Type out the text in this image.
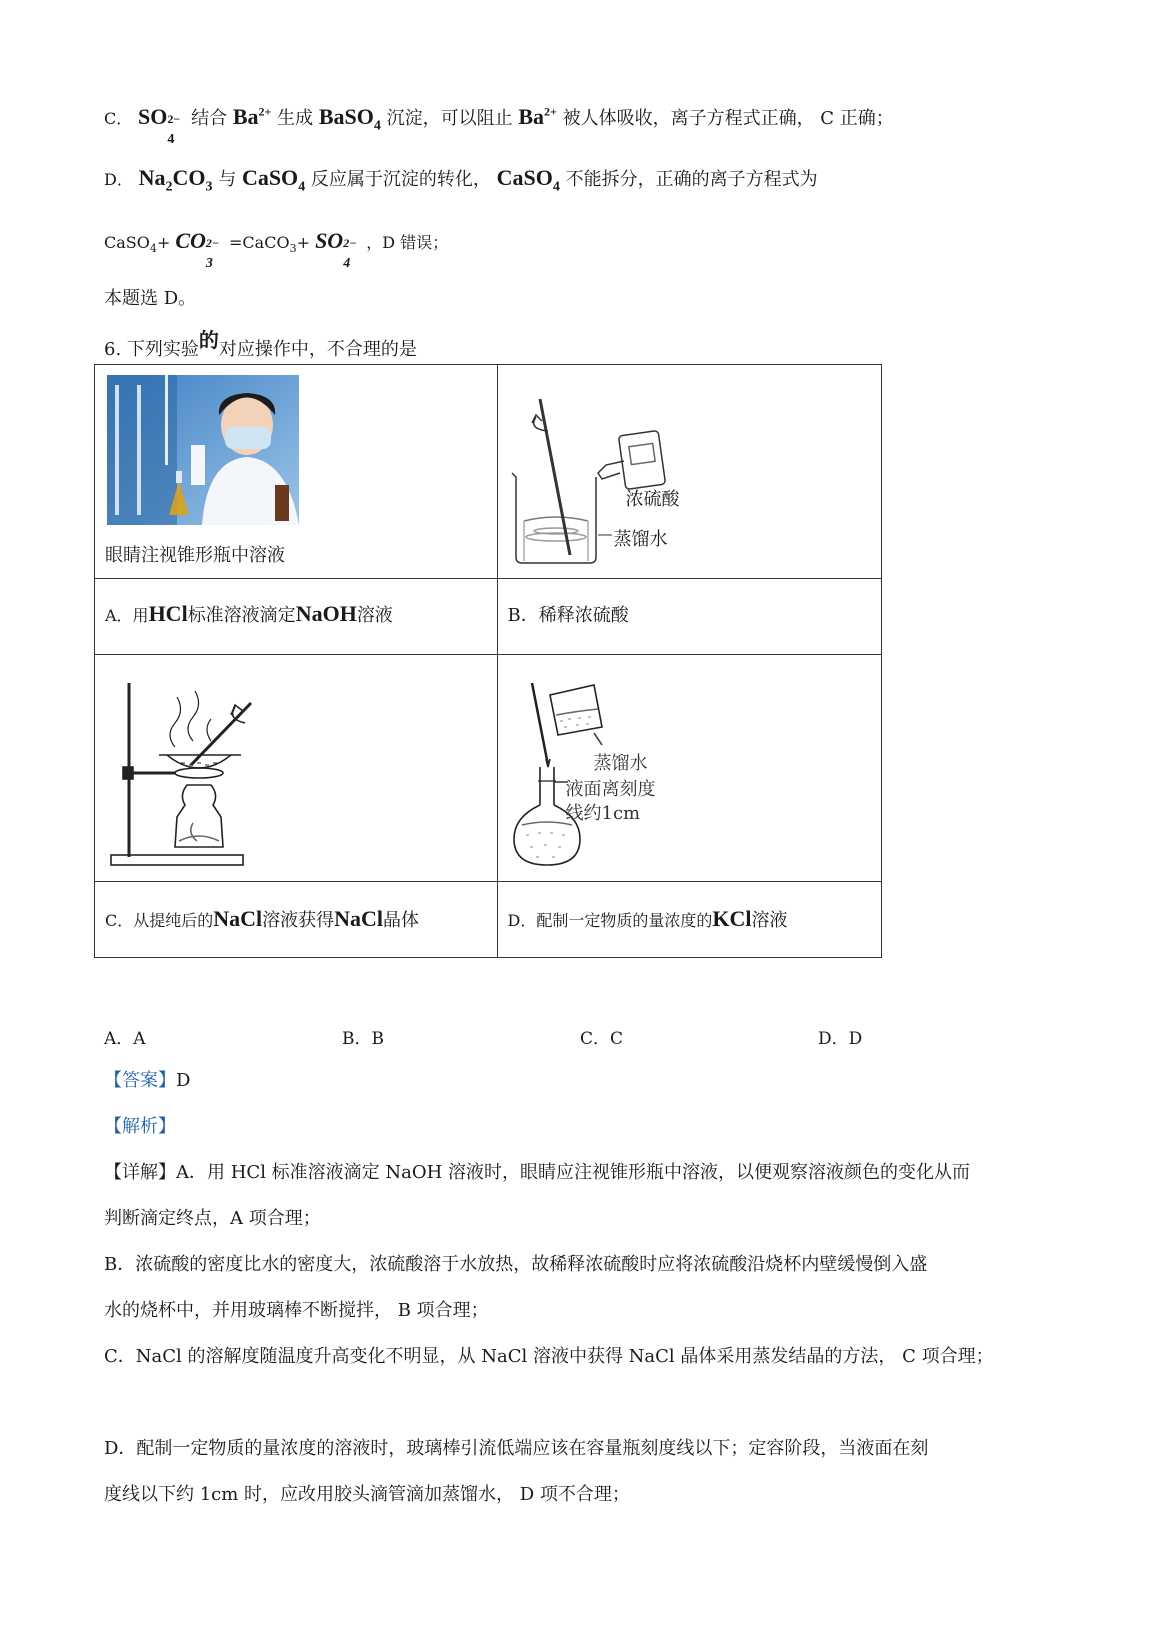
C． SO 2−
4
结合 $Ba^{2+}$ 生成 BaSO$_4$ 沉淀，可以阻止 $Ba^{2+}$ 被人体吸收，离子方程式正确， C 正确；
D． $Na_2CO_3$ 与 CaSO$_4$ 反应属于沉淀的转化， CaSO$_4$ 不能拆分，正确的离子方程式为
CaSO$_4$+ CO 2−
3
=CaCO$_3$+ SO 2−
4
，D 错误；
本题选 D。
6. 下列实验的对应操作中，不合理的是
眼睛注视锥形瓶中溶液	浓硫酸
蒸馏水

A．用HCl标准溶液滴定NaOH溶液	B．稀释浓硫酸

蒸馏水
液面离刻度
线约1cm

C．从提纯后的NaCl溶液获得NaCl晶体	D．配制一定物质的量浓度的KCl溶液
A．A	B．B	C．C	D．D
【答案】D
【解析】
【详解】A．用 HCl 标准溶液滴定 NaOH 溶液时，眼睛应注视锥形瓶中溶液，以便观察溶液颜色的变化从而
判断滴定终点，A 项合理；
B．浓硫酸的密度比水的密度大，浓硫酸溶于水放热，故稀释浓硫酸时应将浓硫酸沿烧杯内壁缓慢倒入盛
水的烧杯中，并用玻璃棒不断搅拌， B 项合理；
C．NaCl 的溶解度随温度升高变化不明显，从 NaCl 溶液中获得 NaCl 晶体采用蒸发结晶的方法， C 项合理；
D．配制一定物质的量浓度的溶液时，玻璃棒引流低端应该在容量瓶刻度线以下；定容阶段，当液面在刻
度线以下约 1cm 时，应改用胶头滴管滴加蒸馏水， D 项不合理；
